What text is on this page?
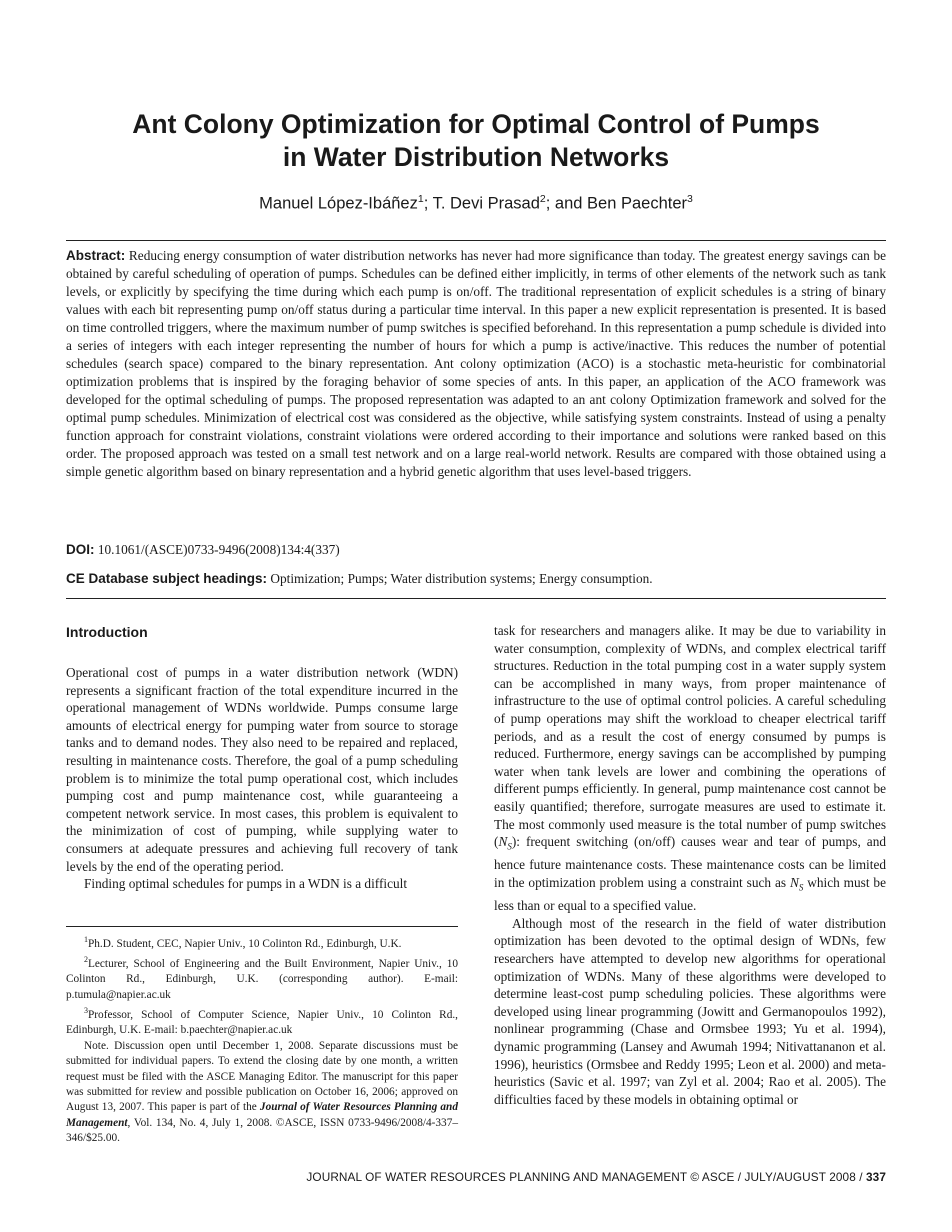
Ant Colony Optimization for Optimal Control of Pumps
in Water Distribution Networks
Manuel López-Ibáñez$^1$; T. Devi Prasad$^2$; and Ben Paechter$^3$

Abstract: Reducing energy consumption of water distribution networks has never had more significance than today. The greatest energy savings can be obtained by careful scheduling of operation of pumps. Schedules can be defined either implicitly, in terms of other elements of the network such as tank levels, or explicitly by specifying the time during which each pump is on/off. The traditional representation of explicit schedules is a string of binary values with each bit representing pump on/off status during a particular time interval. In this paper a new explicit representation is presented. It is based on time controlled triggers, where the maximum number of pump switches is specified beforehand. In this representation a pump schedule is divided into a series of integers with each integer representing the number of hours for which a pump is active/inactive. This reduces the number of potential schedules (search space) compared to the binary representation. Ant colony optimization (ACO) is a stochastic meta-heuristic for combinatorial optimization problems that is inspired by the foraging behavior of some species of ants. In this paper, an application of the ACO framework was developed for the optimal scheduling of pumps. The proposed representation was adapted to an ant colony Optimization framework and solved for the optimal pump schedules. Minimization of electrical cost was considered as the objective, while satisfying system constraints. Instead of using a penalty function approach for constraint violations, constraint violations were ordered according to their importance and solutions were ranked based on this order. The proposed approach was tested on a small test network and on a large real-world network. Results are compared with those obtained using a simple genetic algorithm based on binary representation and a hybrid genetic algorithm that uses level-based triggers.

DOI: 10.1061/(ASCE)0733-9496(2008)134:4(337)

CE Database subject headings: Optimization; Pumps; Water distribution systems; Energy consumption.

Introduction

Operational cost of pumps in a water distribution network (WDN) represents a significant fraction of the total expenditure incurred in the operational management of WDNs worldwide. Pumps consume large amounts of electrical energy for pumping water from source to storage tanks and to demand nodes. They also need to be repaired and replaced, resulting in maintenance costs. Therefore, the goal of a pump scheduling problem is to minimize the total pump operational cost, which includes pumping cost and pump maintenance cost, while guaranteeing a competent network service. In most cases, this problem is equivalent to the minimization of cost of pumping, while supplying water to consumers at adequate pressures and achieving full recovery of tank levels by the end of the operating period.

Finding optimal schedules for pumps in a WDN is a difficult

$^1$Ph.D. Student, CEC, Napier Univ., 10 Colinton Rd., Edinburgh, U.K.

$^2$Lecturer, School of Engineering and the Built Environment, Napier Univ., 10 Colinton Rd., Edinburgh, U.K. (corresponding author). E-mail: p.tumula@napier.ac.uk

$^3$Professor, School of Computer Science, Napier Univ., 10 Colinton Rd., Edinburgh, U.K. E-mail: b.paechter@napier.ac.uk

Note. Discussion open until December 1, 2008. Separate discussions must be submitted for individual papers. To extend the closing date by one month, a written request must be filed with the ASCE Managing Editor. The manuscript for this paper was submitted for review and possible publication on October 16, 2006; approved on August 13, 2007. This paper is part of the Journal of Water Resources Planning and Management, Vol. 134, No. 4, July 1, 2008. ©ASCE, ISSN 0733-9496/2008/4-337–346/$25.00.

task for researchers and managers alike. It may be due to variability in water consumption, complexity of WDNs, and complex electrical tariff structures. Reduction in the total pumping cost in a water supply system can be accomplished in many ways, from proper maintenance of infrastructure to the use of optimal control policies. A careful scheduling of pump operations may shift the workload to cheaper electrical tariff periods, and as a result the cost of energy consumed by pumps is reduced. Furthermore, energy savings can be accomplished by pumping water when tank levels are lower and combining the operations of different pumps efficiently. In general, pump maintenance cost cannot be easily quantified; therefore, surrogate measures are used to estimate it. The most commonly used measure is the total number of pump switches $(N_S)$: frequent switching (on/off) causes wear and tear of pumps, and hence future maintenance costs. These maintenance costs can be limited in the optimization problem using a constraint such as $N_S$ which must be less than or equal to a specified value.

Although most of the research in the field of water distribution optimization has been devoted to the optimal design of WDNs, few researchers have attempted to develop new algorithms for operational optimization of WDNs. Many of these algorithms were developed to determine least-cost pump scheduling policies. These algorithms were developed using linear programming (Jowitt and Germanopoulos 1992), nonlinear programming (Chase and Ormsbee 1993; Yu et al. 1994), dynamic programming (Lansey and Awumah 1994; Nitivattananon et al. 1996), heuristics (Ormsbee and Reddy 1995; Leon et al. 2000) and meta-heuristics (Savic et al. 1997; van Zyl et al. 2004; Rao et al. 2005). The difficulties faced by these models in obtaining optimal or

JOURNAL OF WATER RESOURCES PLANNING AND MANAGEMENT © ASCE / JULY/AUGUST 2008 / 337
